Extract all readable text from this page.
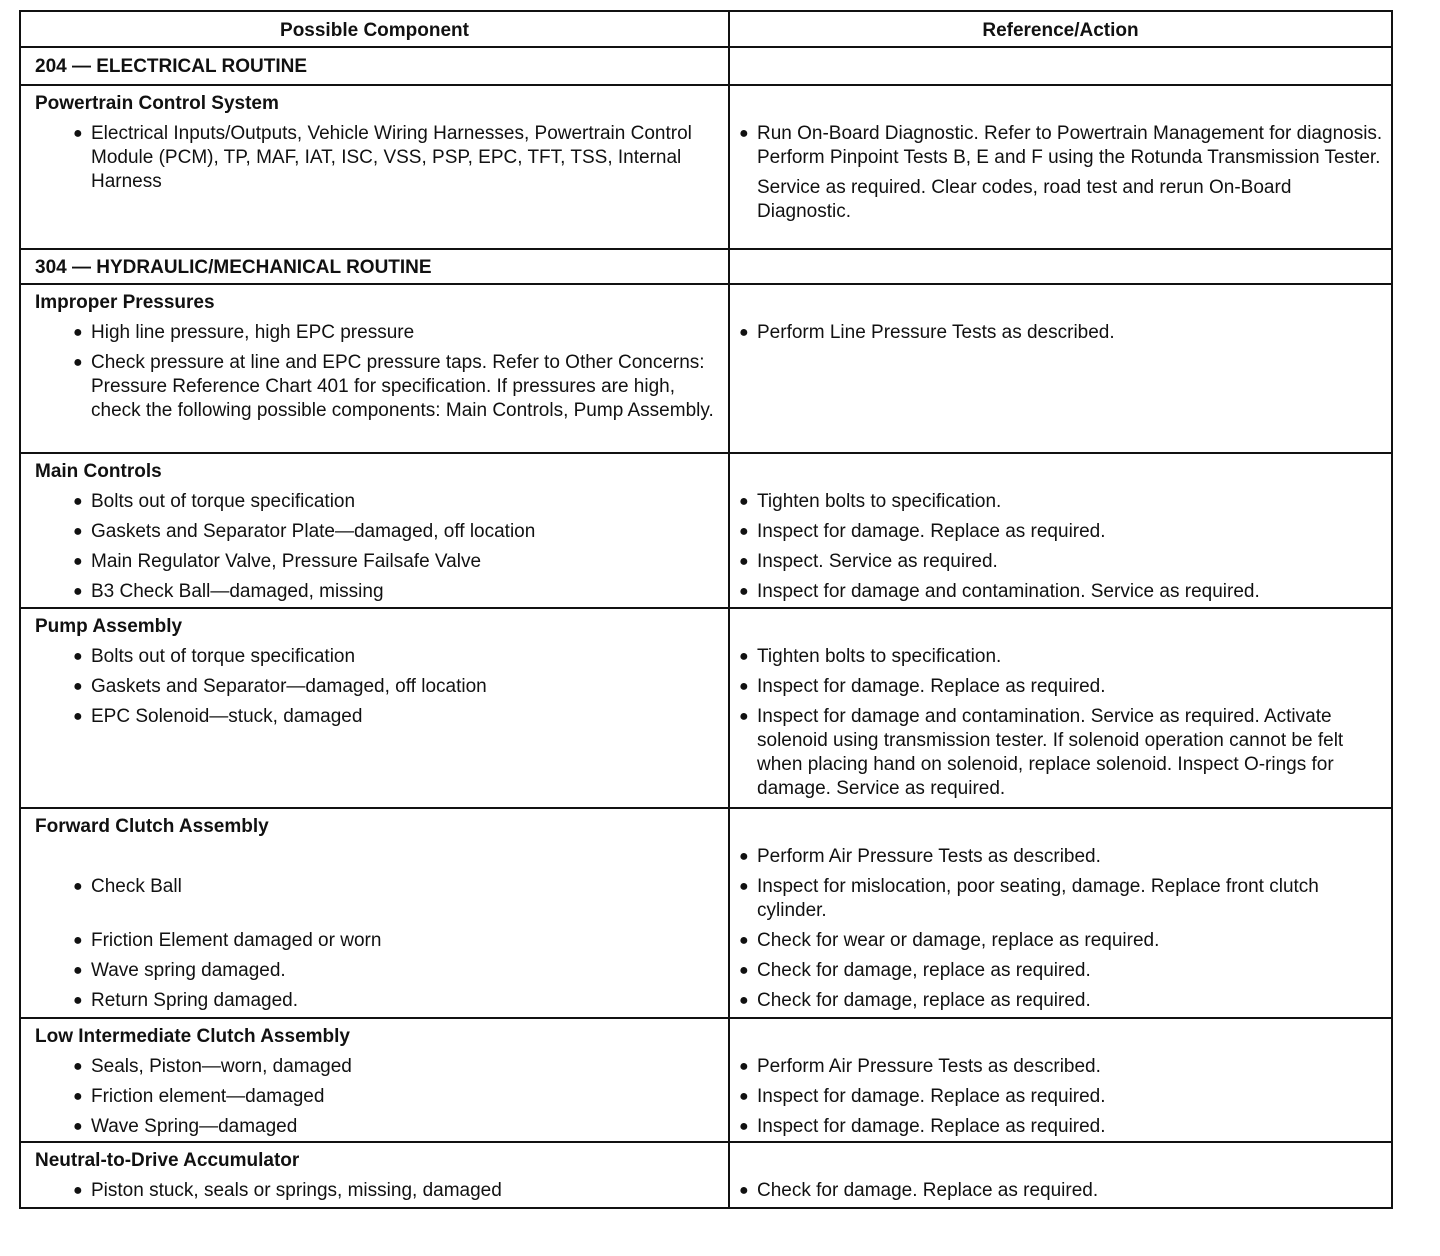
Possible Component	Reference/Action
204 — ELECTRICAL ROUTINE
Powertrain Control System
● Electrical Inputs/Outputs, Vehicle Wiring Harnesses, Powertrain Control Module (PCM), TP, MAF, IAT, ISC, VSS, PSP, EPC, TFT, TSS, Internal Harness
● Run On-Board Diagnostic. Refer to Powertrain Management for diagnosis. Perform Pinpoint Tests B, E and F using the Rotunda Transmission Tester.
Service as required. Clear codes, road test and rerun On-Board Diagnostic.
304 — HYDRAULIC/MECHANICAL ROUTINE
Improper Pressures
● High line pressure, high EPC pressure
● Check pressure at line and EPC pressure taps. Refer to Other Concerns: Pressure Reference Chart 401 for specification. If pressures are high, check the following possible components: Main Controls, Pump Assembly.
● Perform Line Pressure Tests as described.
Main Controls
● Bolts out of torque specification
● Gaskets and Separator Plate—damaged, off location
● Main Regulator Valve, Pressure Failsafe Valve
● B3 Check Ball—damaged, missing
● Tighten bolts to specification.
● Inspect for damage. Replace as required.
● Inspect. Service as required.
● Inspect for damage and contamination. Service as required.
Pump Assembly
● Bolts out of torque specification
● Gaskets and Separator—damaged, off location
● EPC Solenoid—stuck, damaged
● Tighten bolts to specification.
● Inspect for damage. Replace as required.
● Inspect for damage and contamination. Service as required. Activate solenoid using transmission tester. If solenoid operation cannot be felt when placing hand on solenoid, replace solenoid. Inspect O-rings for damage. Service as required.
Forward Clutch Assembly
● Check Ball
● Friction Element damaged or worn
● Wave spring damaged.
● Return Spring damaged.
● Perform Air Pressure Tests as described.
● Inspect for mislocation, poor seating, damage. Replace front clutch cylinder.
● Check for wear or damage, replace as required.
● Check for damage, replace as required.
● Check for damage, replace as required.
Low Intermediate Clutch Assembly
● Seals, Piston—worn, damaged
● Friction element—damaged
● Wave Spring—damaged
● Perform Air Pressure Tests as described.
● Inspect for damage. Replace as required.
● Inspect for damage. Replace as required.
Neutral-to-Drive Accumulator
● Piston stuck, seals or springs, missing, damaged	● Check for damage. Replace as required.
